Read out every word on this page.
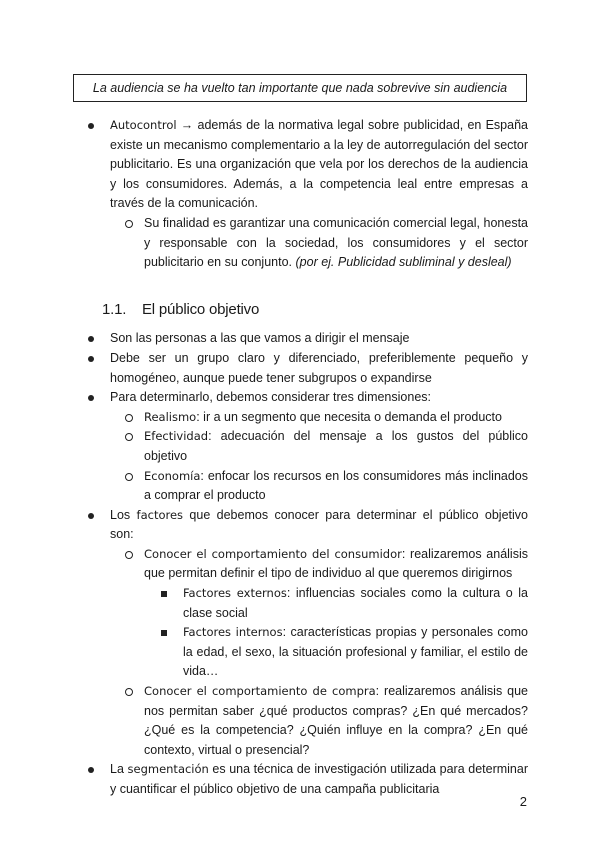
La audiencia se ha vuelto tan importante que nada sobrevive sin audiencia
Autocontrol → además de la normativa legal sobre publicidad, en España existe un mecanismo complementario a la ley de autorregulación del sector publicitario. Es una organización que vela por los derechos de la audiencia y los consumidores. Además, a la competencia leal entre empresas a través de la comunicación.
Su finalidad es garantizar una comunicación comercial legal, honesta y responsable con la sociedad, los consumidores y el sector publicitario en su conjunto. (por ej. Publicidad subliminal y desleal)
1.1. El público objetivo
Son las personas a las que vamos a dirigir el mensaje
Debe ser un grupo claro y diferenciado, preferiblemente pequeño y homogéneo, aunque puede tener subgrupos o expandirse
Para determinarlo, debemos considerar tres dimensiones:
Realismo: ir a un segmento que necesita o demanda el producto
Efectividad: adecuación del mensaje a los gustos del público objetivo
Economía: enfocar los recursos en los consumidores más inclinados a comprar el producto
Los factores que debemos conocer para determinar el público objetivo son:
Conocer el comportamiento del consumidor: realizaremos análisis que permitan definir el tipo de individuo al que queremos dirigirnos
Factores externos: influencias sociales como la cultura o la clase social
Factores internos: características propias y personales como la edad, el sexo, la situación profesional y familiar, el estilo de vida…
Conocer el comportamiento de compra: realizaremos análisis que nos permitan saber ¿qué productos compras? ¿En qué mercados? ¿Qué es la competencia? ¿Quién influye en la compra? ¿En qué contexto, virtual o presencial?
La segmentación es una técnica de investigación utilizada para determinar y cuantificar el público objetivo de una campaña publicitaria
2
